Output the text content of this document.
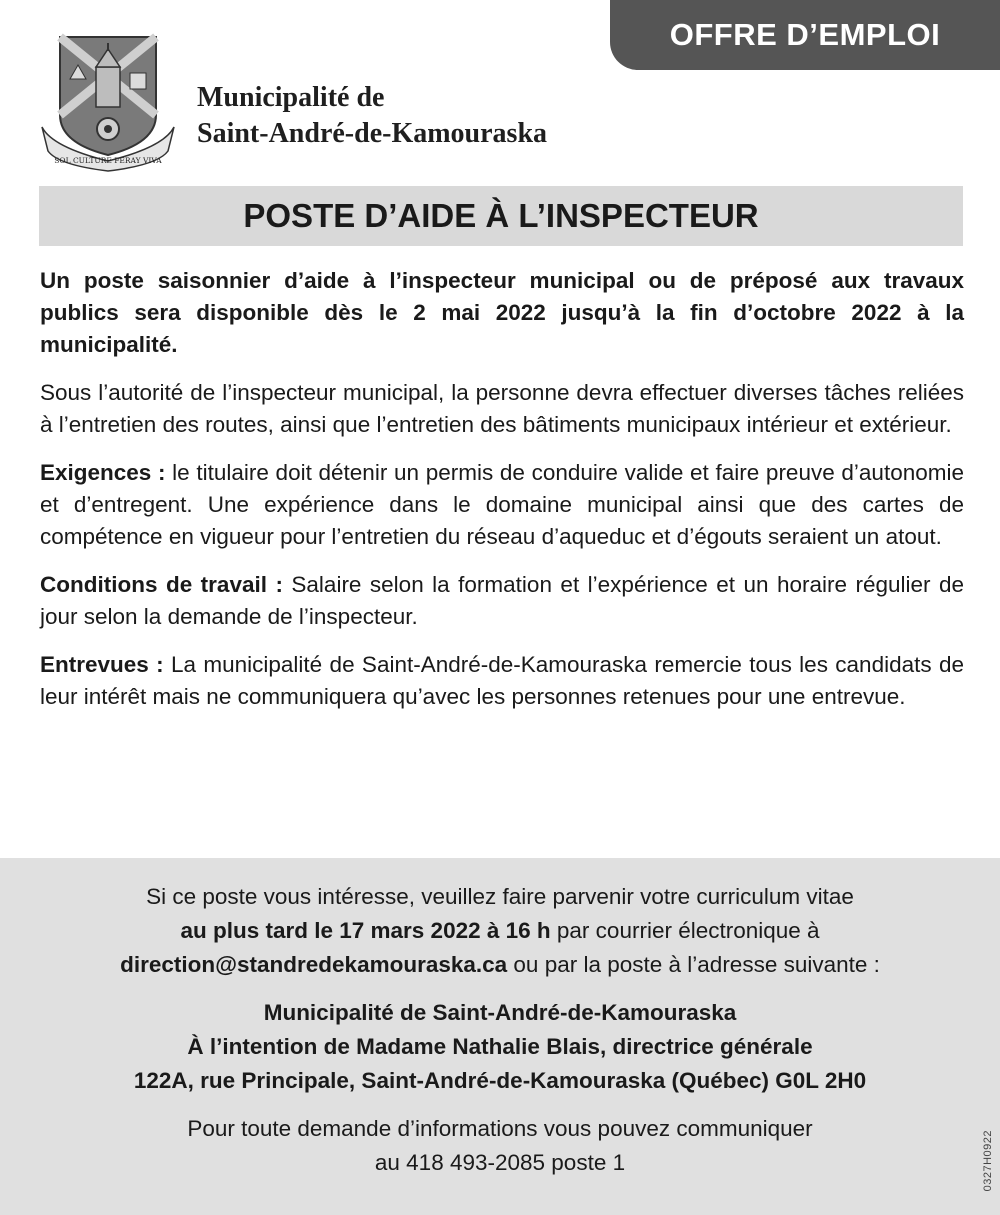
OFFRE D’EMPLOI
SOL CULTURE FERAY VIVA
Municipalité de
Saint-André-de-Kamouraska
POSTE D’AIDE À L’INSPECTEUR

Un poste saisonnier d’aide à l’inspecteur municipal ou de préposé aux travaux publics sera disponible dès le 2 mai 2022 jusqu’à la fin d’octobre 2022 à la municipalité.

Sous l’autorité de l’inspecteur municipal, la personne devra effectuer diverses tâches reliées à l’entretien des routes, ainsi que l’entretien des bâtiments municipaux intérieur et extérieur.

Exigences : le titulaire doit détenir un permis de conduire valide et faire preuve d’autonomie et d’entregent. Une expérience dans le domaine municipal ainsi que des cartes de compétence en vigueur pour l’entretien du réseau d’aqueduc et d’égouts seraient un atout.

Conditions de travail : Salaire selon la formation et l’expérience et un horaire régulier de jour selon la demande de l’inspecteur.

Entrevues : La municipalité de Saint-André-de-Kamouraska remercie tous les candidats de leur intérêt mais ne communiquera qu’avec les personnes retenues pour une entrevue.

Si ce poste vous intéresse, veuillez faire parvenir votre curriculum vitae
au plus tard le 17 mars 2022 à 16 h par courrier électronique à
direction@standredekamouraska.ca ou par la poste à l’adresse suivante :
Municipalité de Saint-André-de-Kamouraska
À l’intention de Madame Nathalie Blais, directrice générale
122A, rue Principale, Saint-André-de-Kamouraska (Québec) G0L 2H0
Pour toute demande d’informations vous pouvez communiquer
au 418 493-2085 poste 1	0327H0922
